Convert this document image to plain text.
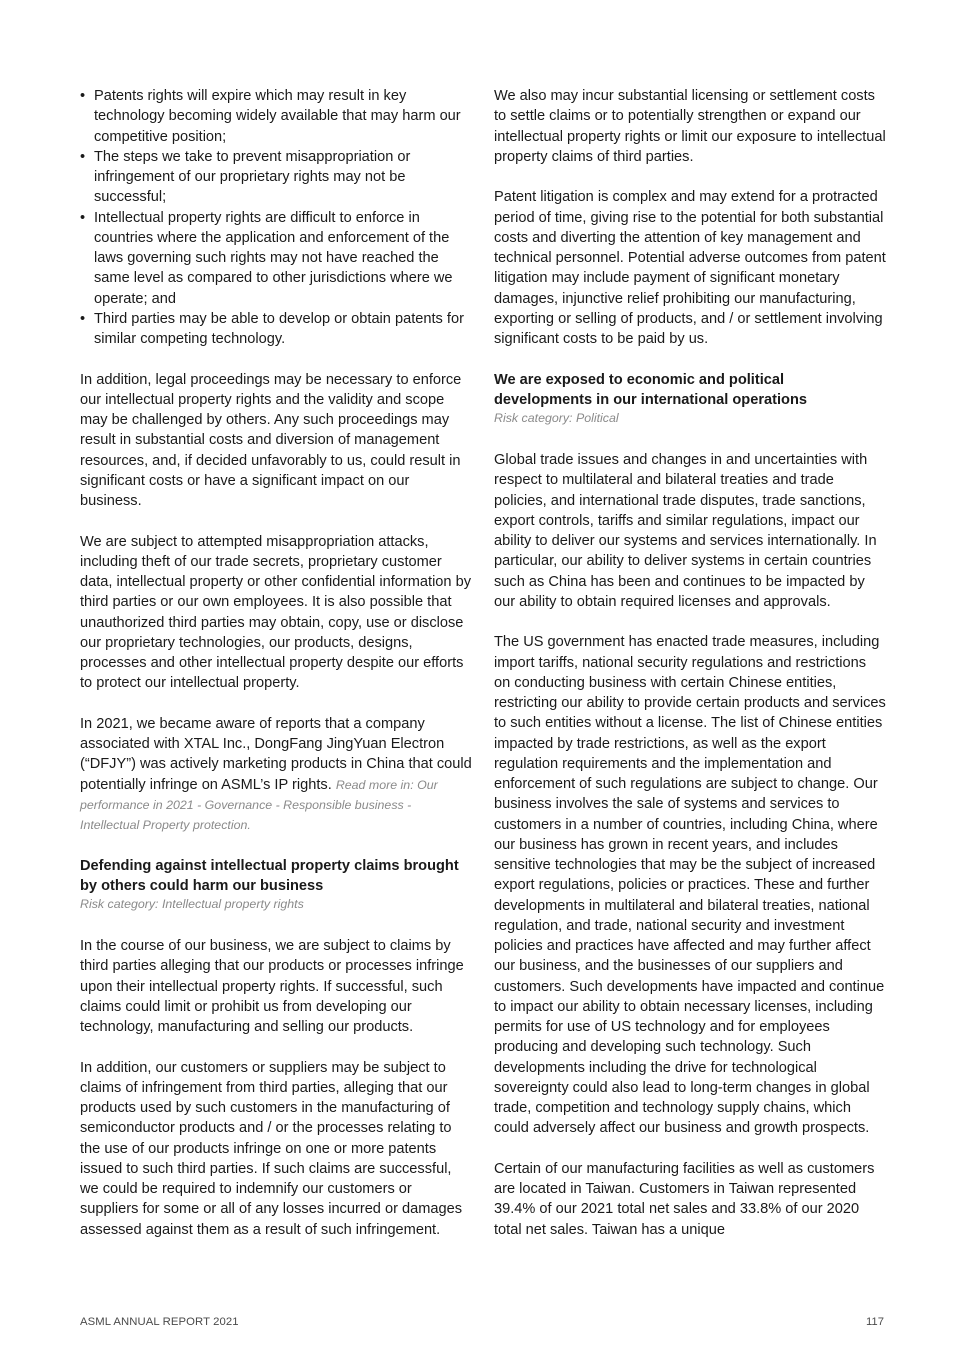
• Patents rights will expire which may result in key technology becoming widely available that may harm our competitive position;
• The steps we take to prevent misappropriation or infringement of our proprietary rights may not be successful;
• Intellectual property rights are difficult to enforce in countries where the application and enforcement of the laws governing such rights may not have reached the same level as compared to other jurisdictions where we operate; and
• Third parties may be able to develop or obtain patents for similar competing technology.

In addition, legal proceedings may be necessary to enforce our intellectual property rights and the validity and scope may be challenged by others. Any such proceedings may result in substantial costs and diversion of management resources, and, if decided unfavorably to us, could result in significant costs or have a significant impact on our business.

We are subject to attempted misappropriation attacks, including theft of our trade secrets, proprietary customer data, intellectual property or other confidential information by third parties or our own employees. It is also possible that unauthorized third parties may obtain, copy, use or disclose our proprietary technologies, our products, designs, processes and other intellectual property despite our efforts to protect our intellectual property.

In 2021, we became aware of reports that a company associated with XTAL Inc., DongFang JingYuan Electron (“DFJY”) was actively marketing products in China that could potentially infringe on ASML’s IP rights. Read more in: Our performance in 2021 - Governance - Responsible business - Intellectual Property protection.

Defending against intellectual property claims brought by others could harm our business
Risk category: Intellectual property rights

In the course of our business, we are subject to claims by third parties alleging that our products or processes infringe upon their intellectual property rights. If successful, such claims could limit or prohibit us from developing our technology, manufacturing and selling our products.

In addition, our customers or suppliers may be subject to claims of infringement from third parties, alleging that our products used by such customers in the manufacturing of semiconductor products and / or the processes relating to the use of our products infringe on one or more patents issued to such third parties. If such claims are successful, we could be required to indemnify our customers or suppliers for some or all of any losses incurred or damages assessed against them as a result of such infringement.

We also may incur substantial licensing or settlement costs to settle claims or to potentially strengthen or expand our intellectual property rights or limit our exposure to intellectual property claims of third parties.

Patent litigation is complex and may extend for a protracted period of time, giving rise to the potential for both substantial costs and diverting the attention of key management and technical personnel. Potential adverse outcomes from patent litigation may include payment of significant monetary damages, injunctive relief prohibiting our manufacturing, exporting or selling of products, and / or settlement involving significant costs to be paid by us.

We are exposed to economic and political developments in our international operations
Risk category: Political

Global trade issues and changes in and uncertainties with respect to multilateral and bilateral treaties and trade policies, and international trade disputes, trade sanctions, export controls, tariffs and similar regulations, impact our ability to deliver our systems and services internationally. In particular, our ability to deliver systems in certain countries such as China has been and continues to be impacted by our ability to obtain required licenses and approvals.

The US government has enacted trade measures, including import tariffs, national security regulations and restrictions on conducting business with certain Chinese entities, restricting our ability to provide certain products and services to such entities without a license. The list of Chinese entities impacted by trade restrictions, as well as the export regulation requirements and the implementation and enforcement of such regulations are subject to change. Our business involves the sale of systems and services to customers in a number of countries, including China, where our business has grown in recent years, and includes sensitive technologies that may be the subject of increased export regulations, policies or practices. These and further developments in multilateral and bilateral treaties, national regulation, and trade, national security and investment policies and practices have affected and may further affect our business, and the businesses of our suppliers and customers. Such developments have impacted and continue to impact our ability to obtain necessary licenses, including permits for use of US technology and for employees producing and developing such technology. Such developments including the drive for technological sovereignty could also lead to long-term changes in global trade, competition and technology supply chains, which could adversely affect our business and growth prospects.

Certain of our manufacturing facilities as well as customers are located in Taiwan. Customers in Taiwan represented 39.4% of our 2021 total net sales and 33.8% of our 2020 total net sales. Taiwan has a unique

ASML ANNUAL REPORT 2021	117
